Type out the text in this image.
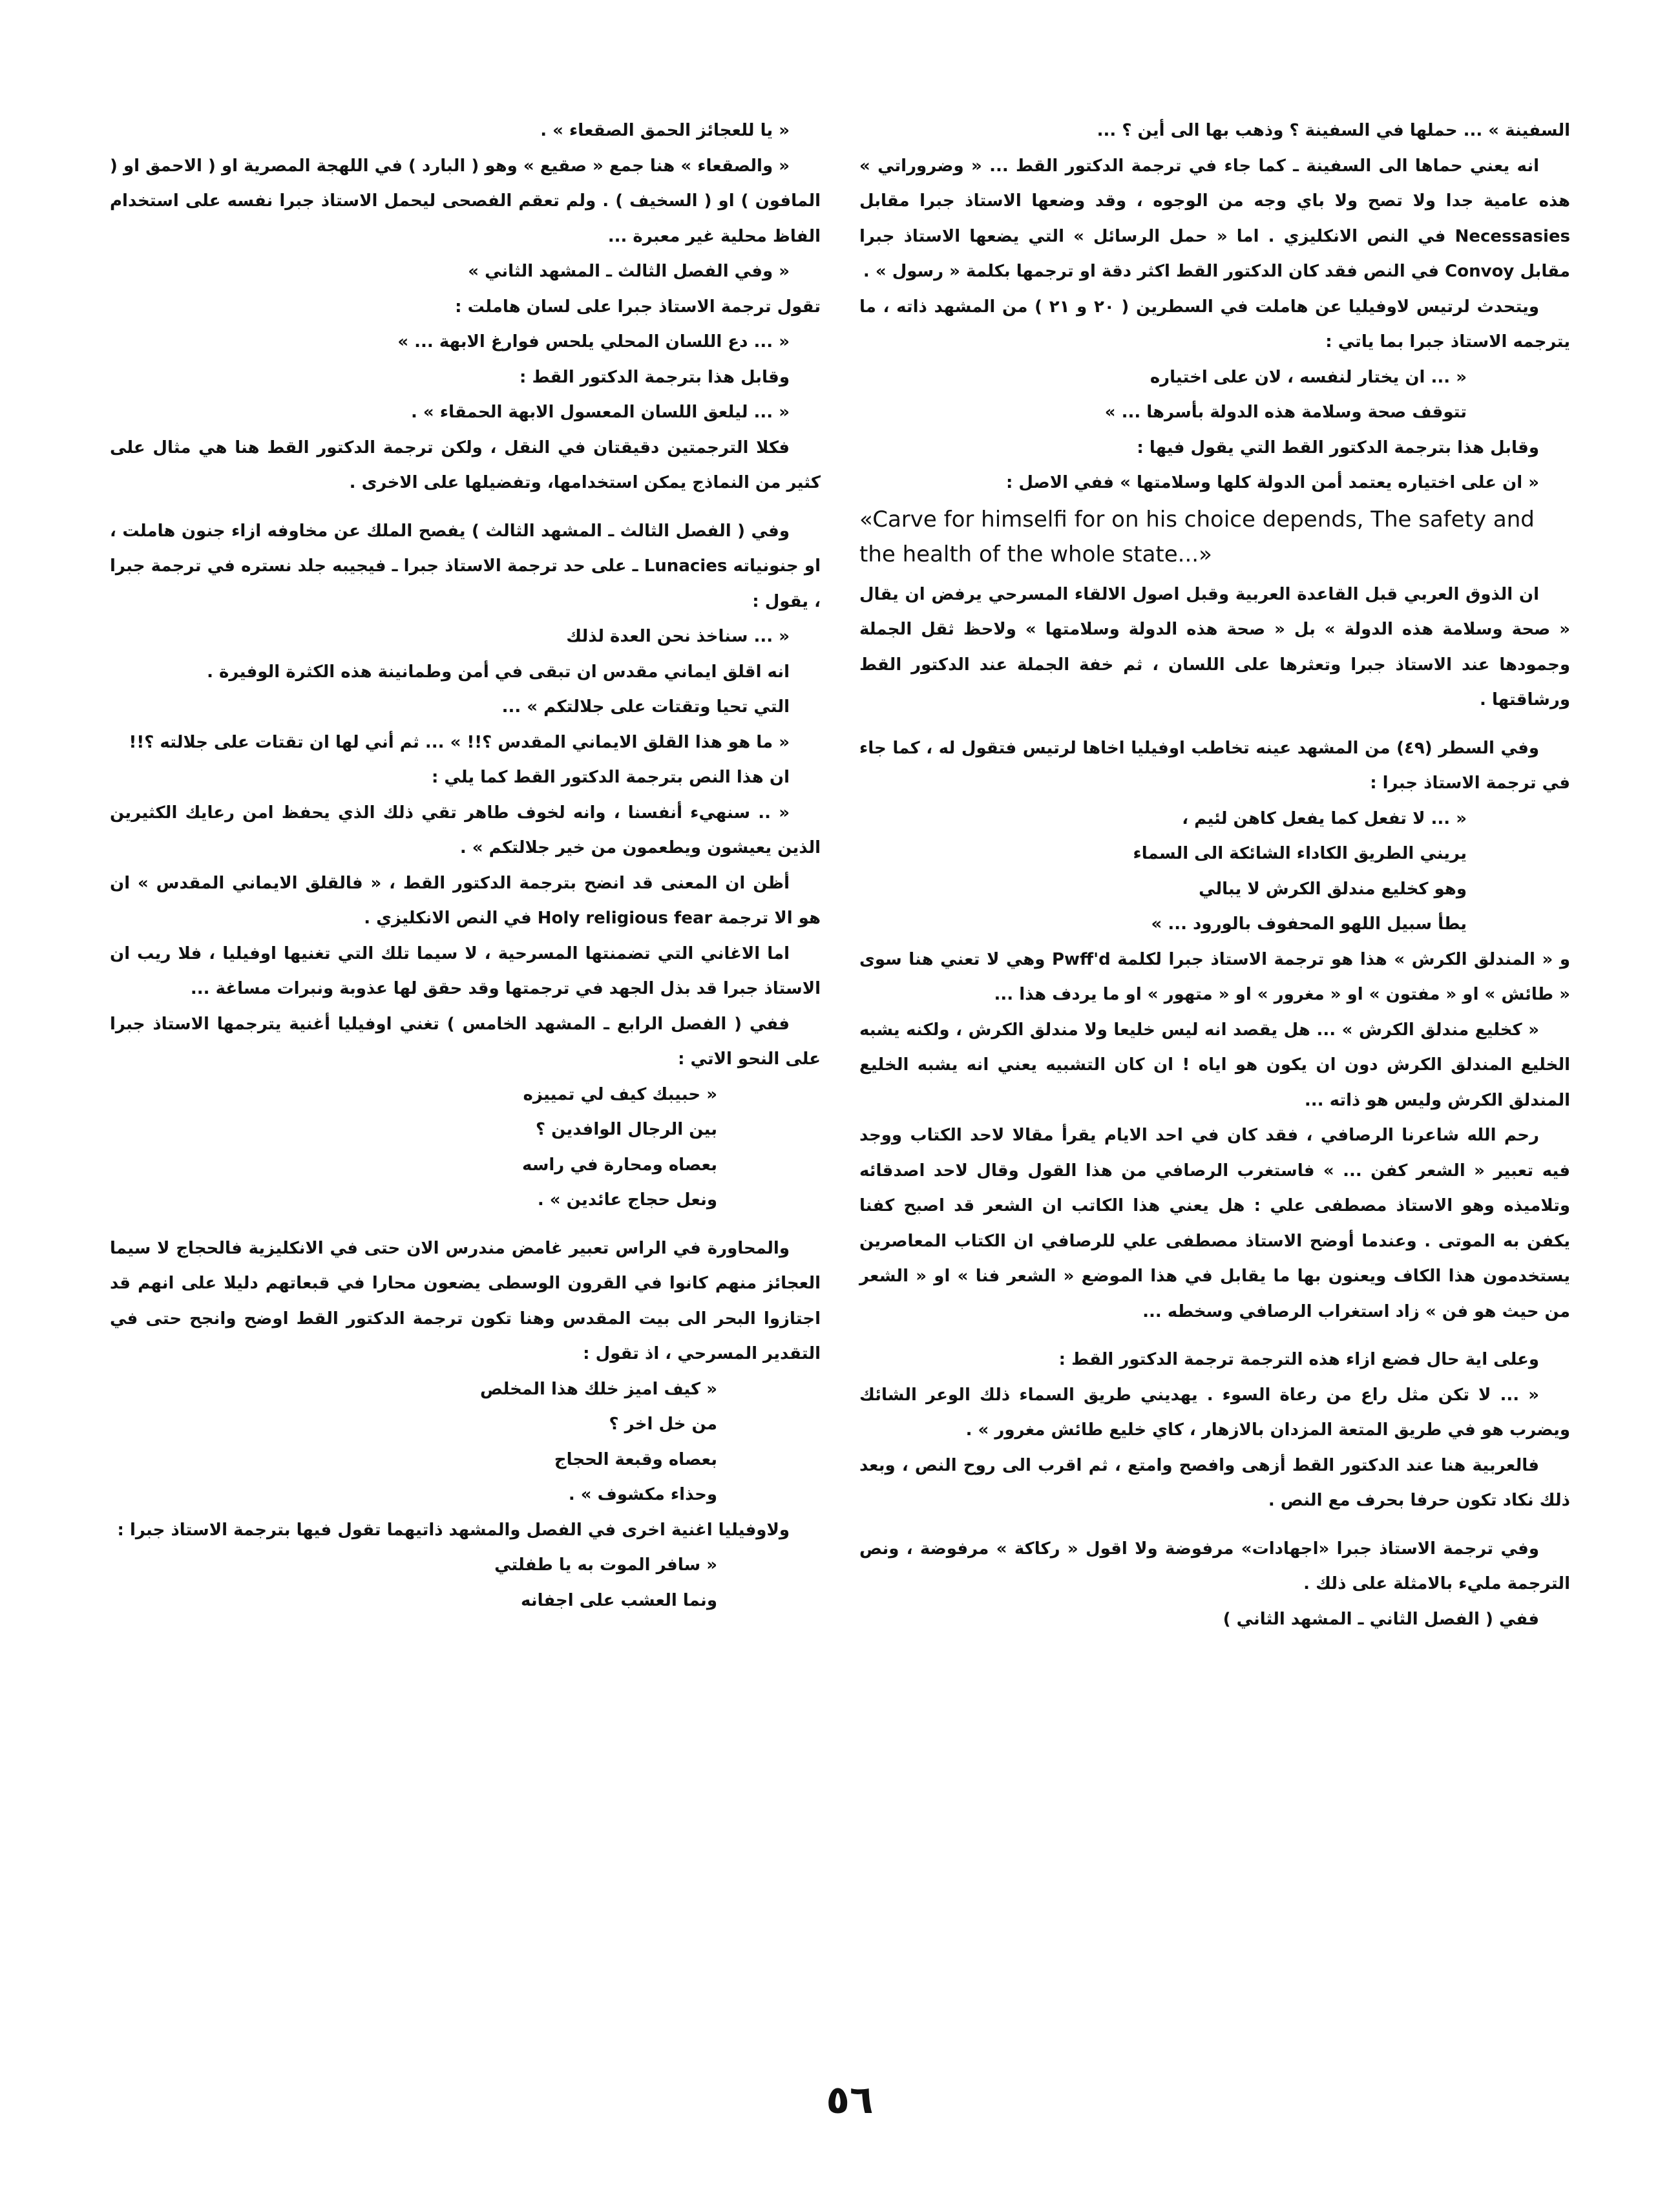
السفينة » ... حملها في السفينة ؟ وذهب بها الى أين ؟ ...

انه يعني حماها الى السفينة ـ كما جاء في ترجمة الدكتور القط ... « وضروراتي » هذه عامية جدا ولا تصح ولا باي وجه من الوجوه ، وقد وضعها الاستاذ جبرا مقابل Necessasies في النص الانكليزي . اما « حمل الرسائل » التي يضعها الاستاذ جبرا مقابل Convoy في النص فقد كان الدكتور القط اكثر دقة او ترجمها بكلمة « رسول » .

ويتحدث لرتيس لاوفيليا عن هاملت في السطرين ( ٢٠ و ٢١ ) من المشهد ذاته ، ما يترجمه الاستاذ جبرا بما ياتي :

« ... ان يختار لنفسه ، لان على اختياره

تتوقف صحة وسلامة هذه الدولة بأسرها ... »

وقابل هذا بترجمة الدكتور القط التي يقول فيها :

« ان على اختياره يعتمد أمن الدولة كلها وسلامتها » ففي الاصل :

«Carve for himselfi for on his choice depends, The safety and the health of the whole state...»

ان الذوق العربي قبل القاعدة العربية وقبل اصول الالقاء المسرحي يرفض ان يقال « صحة وسلامة هذه الدولة » بل « صحة هذه الدولة وسلامتها » ولاحظ ثقل الجملة وجمودها عند الاستاذ جبرا وتعثرها على اللسان ، ثم خفة الجملة عند الدكتور القط ورشاقتها .

وفي السطر (٤٩) من المشهد عينه تخاطب اوفيليا اخاها لرتيس فتقول له ، كما جاء في ترجمة الاستاذ جبرا :

« ... لا تفعل كما يفعل كاهن لئيم ،

يريني الطريق الكاداء الشائكة الى السماء

وهو كخليع مندلق الكرش لا يبالي

يطأ سبيل اللهو المحفوف بالورود ... »

و « المندلق الكرش » هذا هو ترجمة الاستاذ جبرا لكلمة Pwff'd وهي لا تعني هنا سوى « طائش » او « مفتون » او « مغرور » او « متهور » او ما يردف هذا ...

« كخليع مندلق الكرش » ... هل يقصد انه ليس خليعا ولا مندلق الكرش ، ولكنه يشبه الخليع المندلق الكرش دون ان يكون هو اياه ! ان كان التشبيه يعني انه يشبه الخليع المندلق الكرش وليس هو ذاته ...

رحم الله شاعرنا الرصافي ، فقد كان في احد الايام يقرأ مقالا لاحد الكتاب ووجد فيه تعبير « الشعر كفن ... » فاستغرب الرصافي من هذا القول وقال لاحد اصدقائه وتلاميذه وهو الاستاذ مصطفى علي : هل يعني هذا الكاتب ان الشعر قد اصبح كفنا يكفن به الموتى . وعندما أوضح الاستاذ مصطفى علي للرصافي ان الكتاب المعاصرين يستخدمون هذا الكاف ويعنون بها ما يقابل في هذا الموضع « الشعر فنا » او « الشعر من حيث هو فن » زاد استغراب الرصافي وسخطه ...

وعلى اية حال فضع ازاء هذه الترجمة ترجمة الدكتور القط :

« ... لا تكن مثل راع من رعاة السوء . يهديني طريق السماء ذلك الوعر الشائك ويضرب هو في طريق المتعة المزدان بالازهار ، كاي خليع طائش مغرور » .

فالعربية هنا عند الدكتور القط أزهى وافصح وامتع ، ثم اقرب الى روح النص ، وبعد ذلك نكاد تكون حرفا بحرف مع النص .

وفي ترجمة الاستاذ جبرا «اجهادات» مرفوضة ولا اقول « ركاكة » مرفوضة ، ونص الترجمة مليء بالامثلة على ذلك .

ففي ( الفصل الثاني ـ المشهد الثاني )

« يا للعجائز الحمق الصقعاء » .

« والصقعاء » هنا جمع « صقيع » وهو ( البارد ) في اللهجة المصرية او ( الاحمق او ( المافون ) او ( السخيف ) . ولم تعقم الفصحى ليحمل الاستاذ جبرا نفسه على استخدام الفاظ محلية غير معبرة ...

« وفي الفصل الثالث ـ المشهد الثاني »

تقول ترجمة الاستاذ جبرا على لسان هاملت :

« ... دع اللسان المحلي يلحس فوارغ الابهة ... »

وقابل هذا بترجمة الدكتور القط :

« ... ليلعق اللسان المعسول الابهة الحمقاء » .

فكلا الترجمتين دقيقتان في النقل ، ولكن ترجمة الدكتور القط هنا هي مثال على كثير من النماذج يمكن استخدامها، وتفضيلها على الاخرى .

وفي ( الفصل الثالث ـ المشهد الثالث ) يفصح الملك عن مخاوفه ازاء جنون هاملت ، او جنونياته Lunacies ـ على حد ترجمة الاستاذ جبرا ـ فيجيبه جلد نستره في ترجمة جبرا ، يقول :

« ... سناخذ نحن العدة لذلك

انه اقلق ايماني مقدس ان تبقى في أمن وطمانينة هذه الكثرة الوفيرة .

التي تحيا وتقتات على جلالتكم » ...

« ما هو هذا القلق الايماني المقدس ؟!! » ... ثم أني لها ان تقتات على جلالته ؟!!

ان هذا النص بترجمة الدكتور القط كما يلي :

« .. سنهيء أنفسنا ، وانه لخوف طاهر تقي ذلك الذي يحفظ امن رعايك الكثيرين الذين يعيشون ويطعمون من خير جلالتكم » .

أظن ان المعنى قد انضح بترجمة الدكتور القط ، « فالقلق الايماني المقدس » ان هو الا ترجمة Holy religious fear في النص الانكليزي .

اما الاغاني التي تضمنتها المسرحية ، لا سيما تلك التي تغنيها اوفيليا ، فلا ريب ان الاستاذ جبرا قد بذل الجهد في ترجمتها وقد حقق لها عذوبة ونبرات مساغة ...

ففي ( الفصل الرابع ـ المشهد الخامس ) تغني اوفيليا أغنية يترجمها الاستاذ جبرا على النحو الاتي :

« حبيبك كيف لي تمييزه

بين الرجال الوافدين ؟

بعصاه ومحارة في راسه

ونعل حجاج عائدين » .

والمحاورة في الراس تعبير غامض مندرس الان حتى في الانكليزية فالحجاج لا سيما العجائز منهم كانوا في القرون الوسطى يضعون محارا في قبعاتهم دليلا على انهم قد اجتازوا البحر الى بيت المقدس وهنا تكون ترجمة الدكتور القط اوضح وانجح حتى في التقدير المسرحي ، اذ تقول :

« كيف اميز خلك هذا المخلص

من خل اخر ؟

بعصاه وقبعة الحجاج

وحذاء مكشوف » .

ولاوفيليا اغنية اخرى في الفصل والمشهد ذاتيهما تقول فيها بترجمة الاستاذ جبرا :

« سافر الموت به يا طفلتي

ونما العشب على اجفانه

٥٦
